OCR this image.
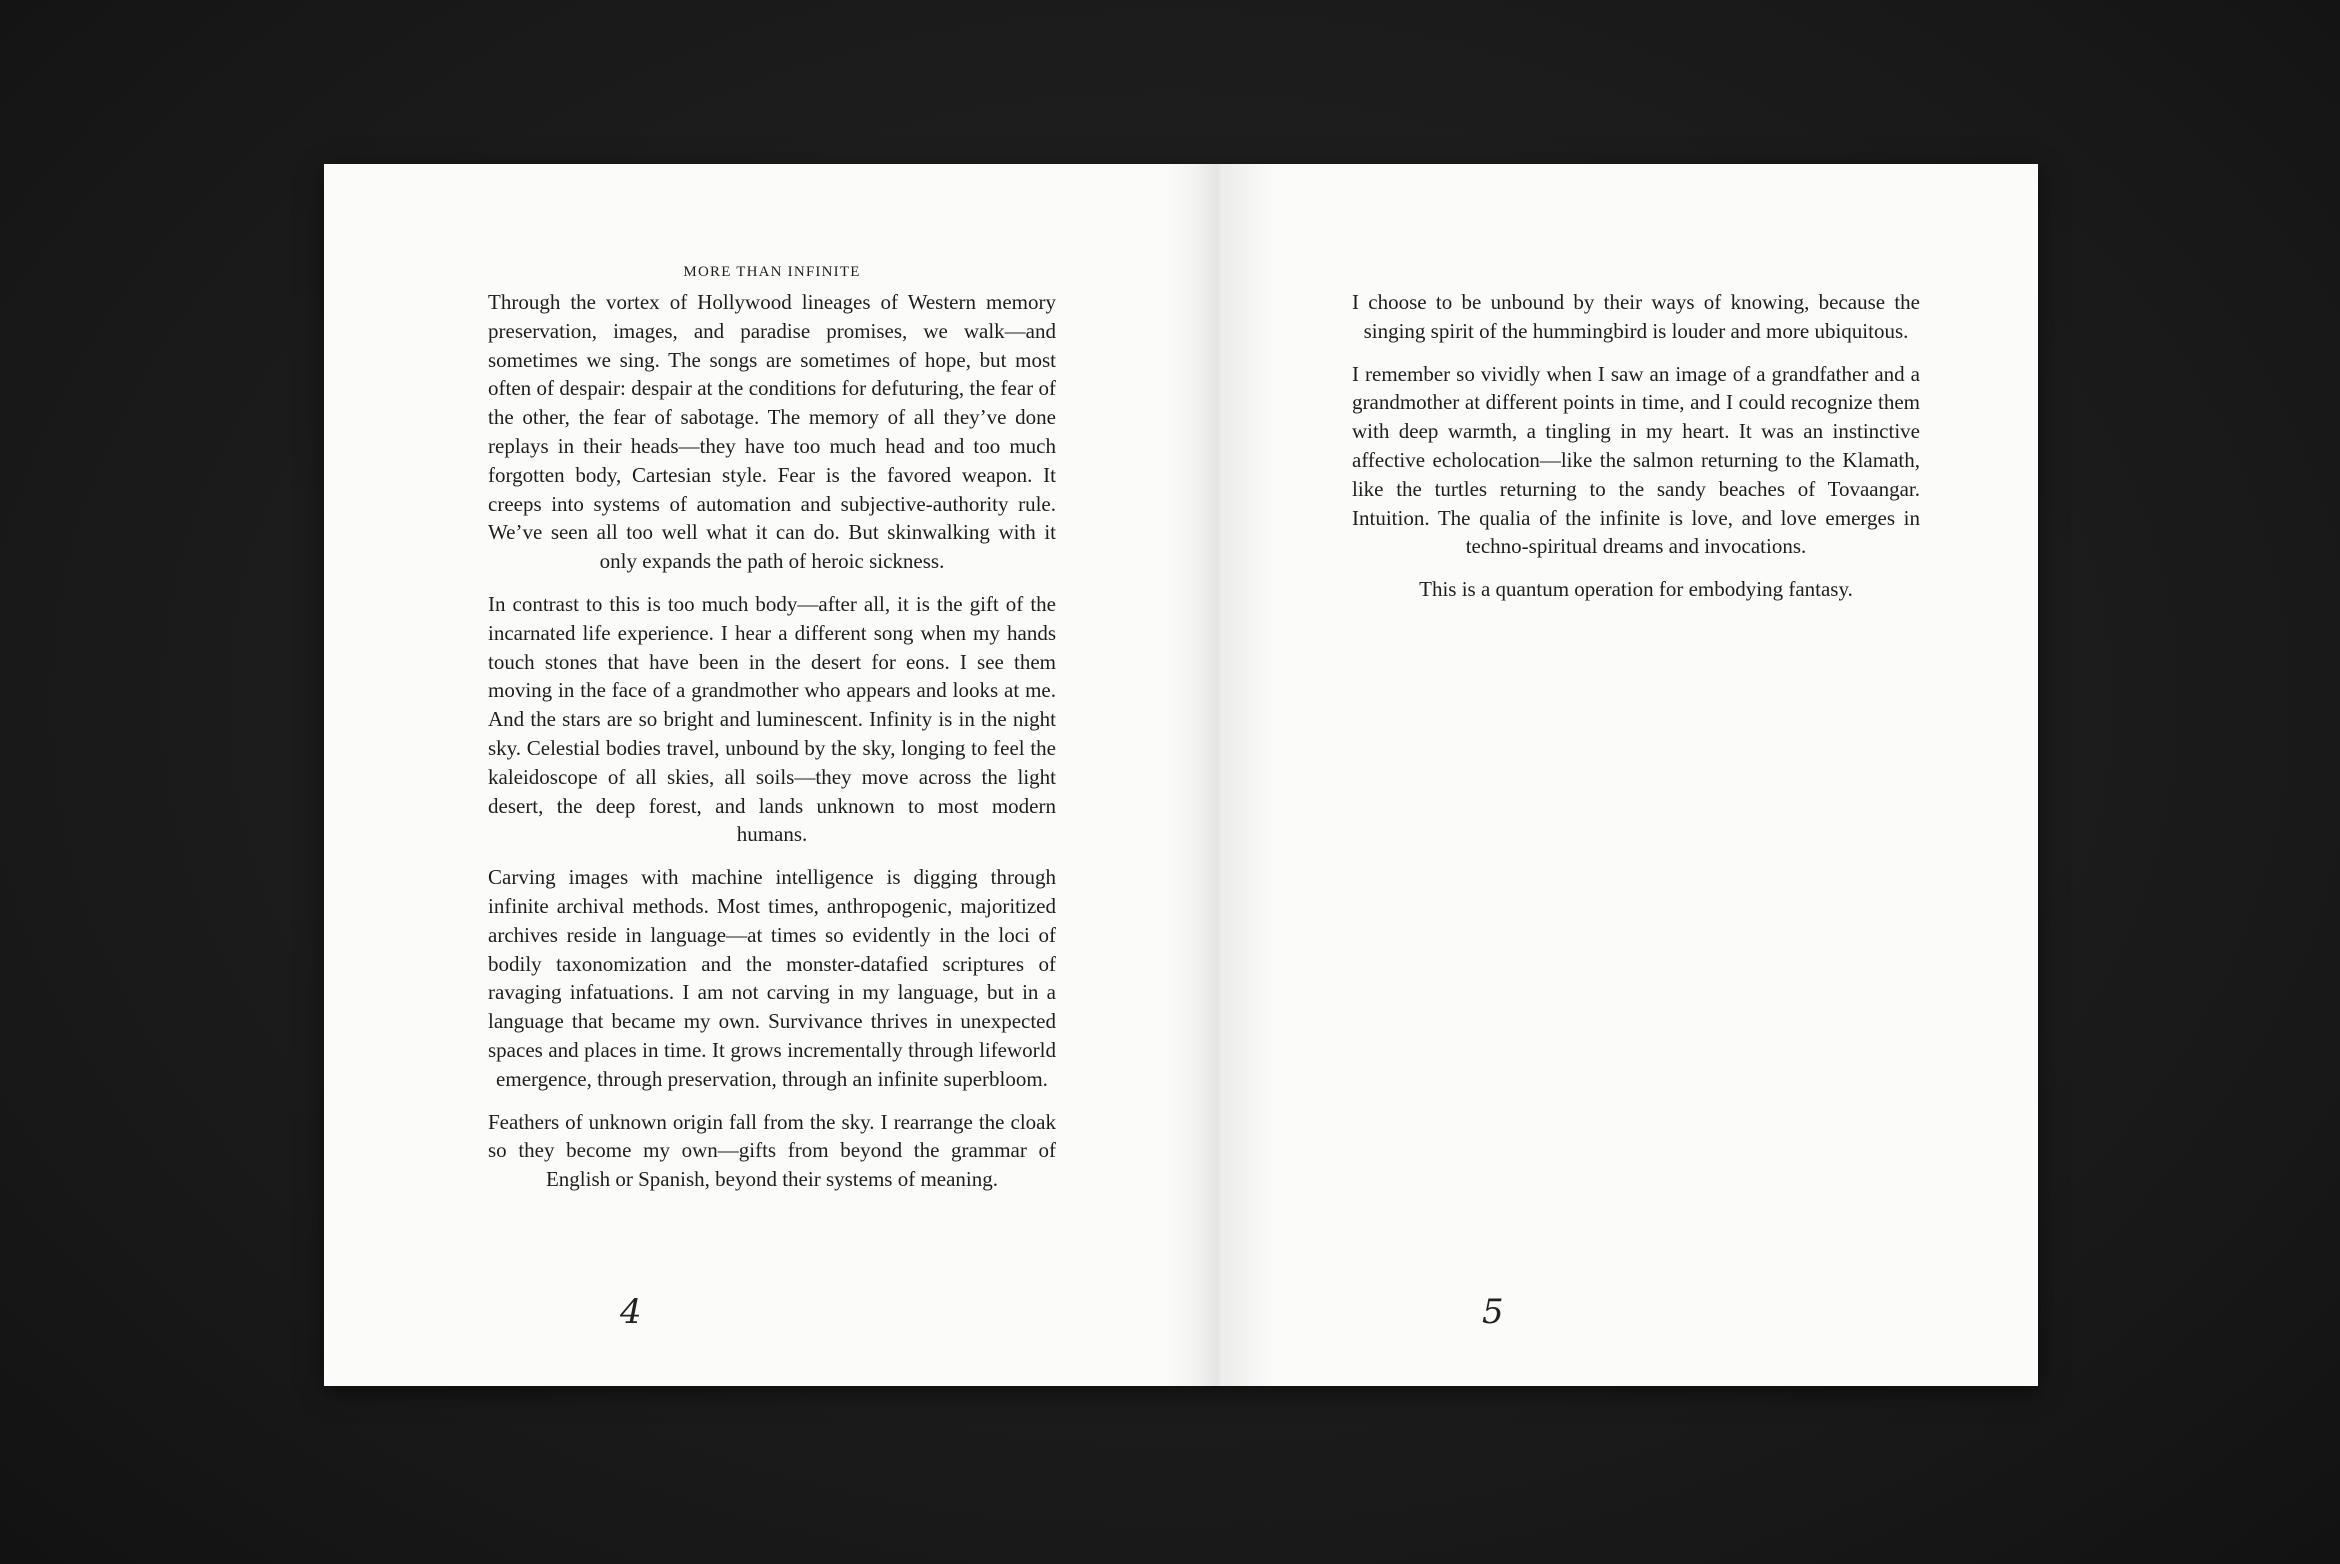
MORE THAN INFINITE

Through the vortex of Hollywood lineages of Western memory preservation, images, and paradise promises, we walk—and sometimes we sing. The songs are sometimes of hope, but most often of despair: despair at the conditions for defuturing, the fear of the other, the fear of sabotage. The memory of all they’ve done replays in their heads—they have too much head and too much forgotten body, Cartesian style. Fear is the favored weapon. It creeps into systems of automation and subjective-authority rule. We’ve seen all too well what it can do. But skinwalking with it only expands the path of heroic sickness.

In contrast to this is too much body—after all, it is the gift of the incarnated life experience. I hear a different song when my hands touch stones that have been in the desert for eons. I see them moving in the face of a grandmother who appears and looks at me. And the stars are so bright and luminescent. Infinity is in the night sky. Celestial bodies travel, unbound by the sky, longing to feel the kaleidoscope of all skies, all soils—they move across the light desert, the deep forest, and lands unknown to most modern humans.

Carving images with machine intelligence is digging through infinite archival methods. Most times, anthropogenic, majoritized archives reside in language—at times so evidently in the loci of bodily taxonomization and the monster-datafied scriptures of ravaging infatuations. I am not carving in my language, but in a language that became my own. Survivance thrives in unexpected spaces and places in time. It grows incrementally through lifeworld emergence, through preservation, through an infinite superbloom.

Feathers of unknown origin fall from the sky. I rearrange the cloak so they become my own—gifts from beyond the grammar of English or Spanish, beyond their systems of meaning.

4

I choose to be unbound by their ways of knowing, because the singing spirit of the hummingbird is louder and more ubiquitous.

I remember so vividly when I saw an image of a grandfather and a grandmother at different points in time, and I could recognize them with deep warmth, a tingling in my heart. It was an instinctive affective echolocation—like the salmon returning to the Klamath, like the turtles returning to the sandy beaches of Tovaangar. Intuition. The qualia of the infinite is love, and love emerges in techno-spiritual dreams and invocations.

This is a quantum operation for embodying fantasy.

5
